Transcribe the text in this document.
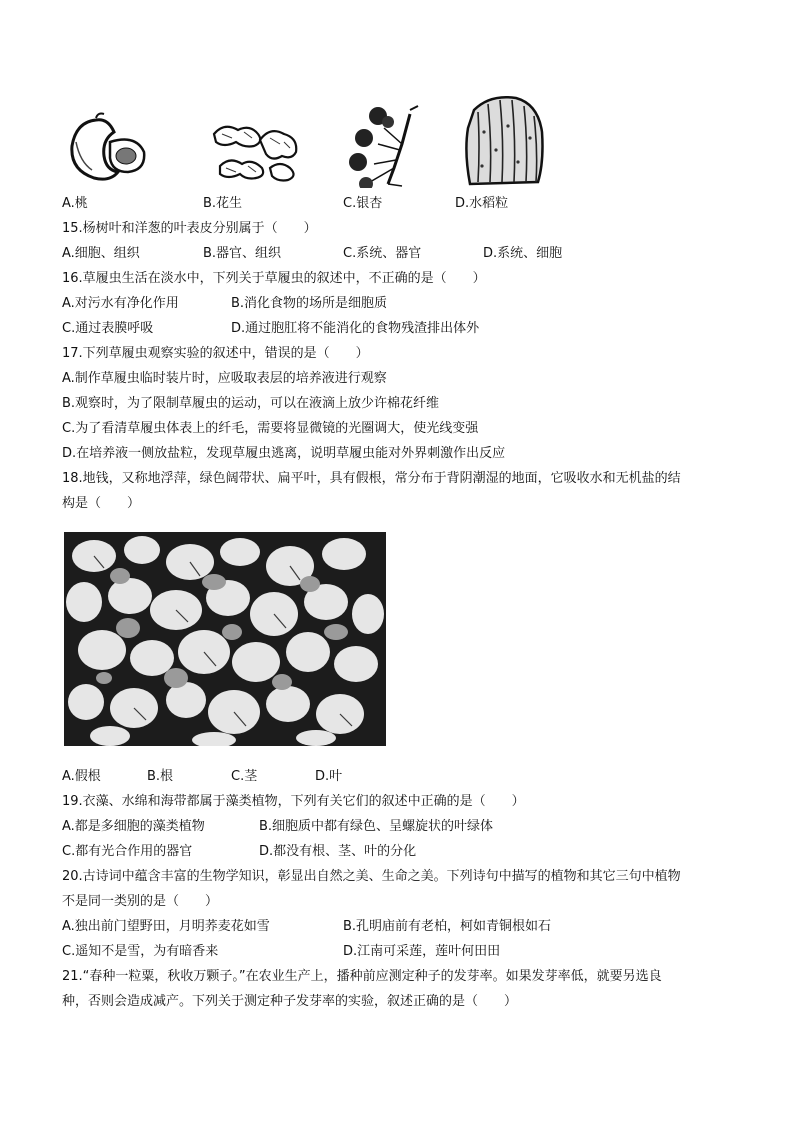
A.桃	B.花生	C.银杏	D.水稻粒
15.杨树叶和洋葱的叶表皮分别属于（　　）
A.细胞、组织	B.器官、组织	C.系统、器官	D.系统、细胞
16.草履虫生活在淡水中，下列关于草履虫的叙述中，不正确的是（　　）
A.对污水有净化作用	B.消化食物的场所是细胞质
C.通过表膜呼吸	D.通过胞肛将不能消化的食物残渣排出体外
17.下列草履虫观察实验的叙述中，错误的是（　　）
A.制作草履虫临时装片时，应吸取表层的培养液进行观察
B.观察时，为了限制草履虫的运动，可以在液滴上放少许棉花纤维
C.为了看清草履虫体表上的纤毛，需要将显微镜的光圈调大，使光线变强
D.在培养液一侧放盐粒，发现草履虫逃离，说明草履虫能对外界刺激作出反应
18.地钱，又称地浮萍，绿色阔带状、扁平叶，具有假根，常分布于背阴潮湿的地面，它吸收水和无机盐的结
构是（　　）
A.假根	B.根	C.茎	D.叶
19.衣藻、水绵和海带都属于藻类植物，下列有关它们的叙述中正确的是（　　）
A.都是多细胞的藻类植物	B.细胞质中都有绿色、呈螺旋状的叶绿体
C.都有光合作用的器官	D.都没有根、茎、叶的分化
20.古诗词中蕴含丰富的生物学知识，彰显出自然之美、生命之美。下列诗句中描写的植物和其它三句中植物
不是同一类别的是（　　）
A.独出前门望野田，月明荞麦花如雪	B.孔明庙前有老柏，柯如青铜根如石
C.遥知不是雪，为有暗香来	D.江南可采莲，莲叶何田田
21.“春种一粒粟，秋收万颗子。”在农业生产上，播种前应测定种子的发芽率。如果发芽率低，就要另选良
种，否则会造成减产。下列关于测定种子发芽率的实验，叙述正确的是（　　）
